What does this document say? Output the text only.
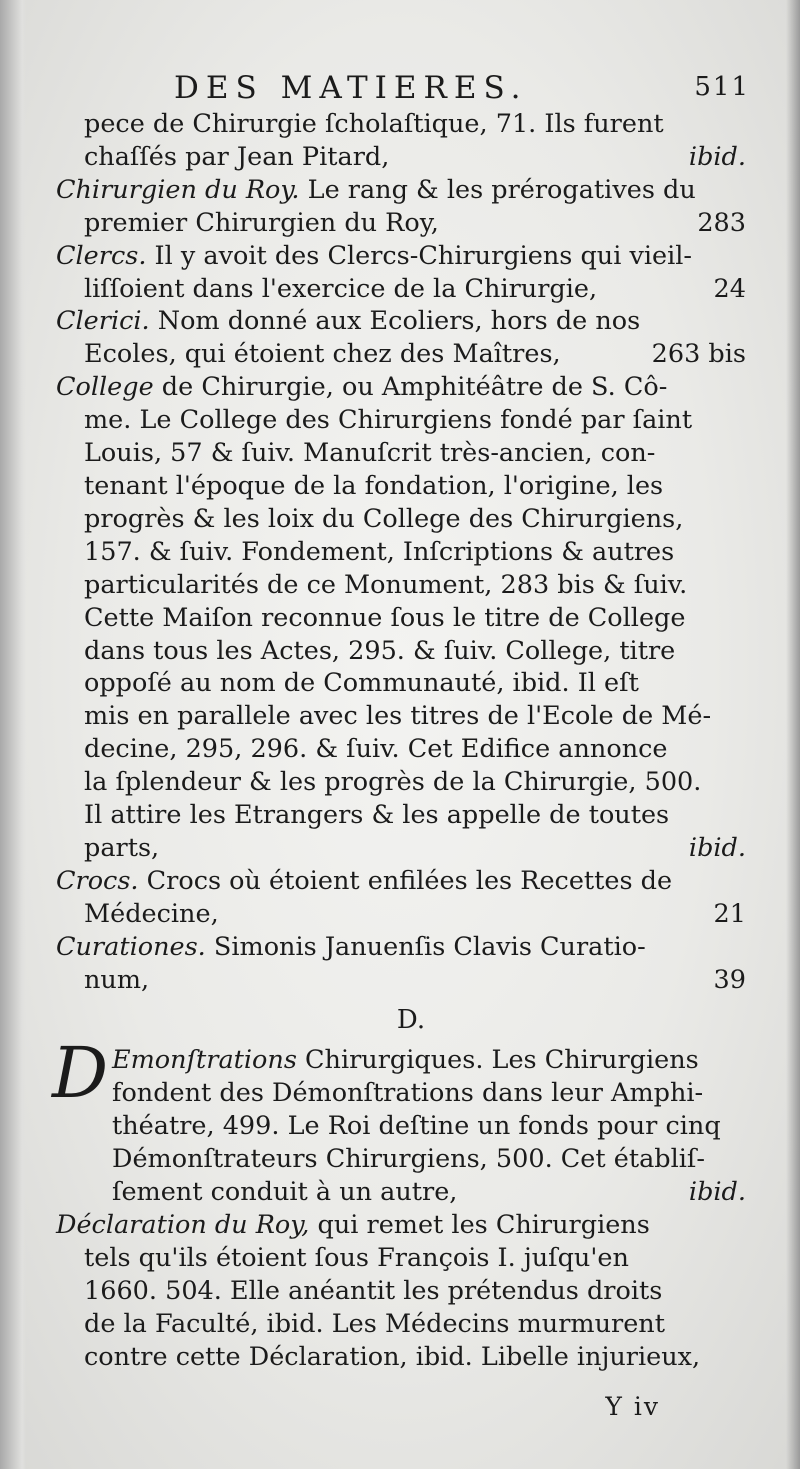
DES MATIERES.	511
pece de Chirurgie ſcholaſtique, 71. Ils furent
chaſſés par Jean Pitard,	ibid.
Chirurgien du Roy. Le rang & les prérogatives du
premier Chirurgien du Roy,	283
Clercs. Il y avoit des Clercs-Chirurgiens qui vieil-
liſſoient dans l'exercice de la Chirurgie,	24
Clerici. Nom donné aux Ecoliers, hors de nos
Ecoles, qui étoient chez des Maîtres,	263 bis
College de Chirurgie, ou Amphitéâtre de S. Cô-
me. Le College des Chirurgiens fondé par ſaint
Louis, 57 & ſuiv. Manuſcrit très-ancien, con-
tenant l'époque de la fondation, l'origine, les
progrès & les loix du College des Chirurgiens,
157. & ſuiv. Fondement, Inſcriptions & autres
particularités de ce Monument, 283 bis & ſuiv.
Cette Maiſon reconnue ſous le titre de College
dans tous les Actes, 295. & ſuiv. College, titre
oppoſé au nom de Communauté, ibid. Il eſt
mis en parallele avec les titres de l'Ecole de Mé-
decine, 295, 296. & ſuiv. Cet Edifice annonce
la ſplendeur & les progrès de la Chirurgie, 500.
Il attire les Etrangers & les appelle de toutes
parts,	ibid.
Crocs. Crocs où étoient enfilées les Recettes de
Médecine,	21
Curationes. Simonis Januenſis Clavis Curatio-
num,	39
D.
D Emonſtrations Chirurgiques. Les Chirurgiens
fondent des Démonſtrations dans leur Amphi-
théatre, 499. Le Roi deſtine un fonds pour cinq
Démonſtrateurs Chirurgiens, 500. Cet établiſ-
ſement conduit à un autre,	ibid.
Déclaration du Roy, qui remet les Chirurgiens
tels qu'ils étoient ſous François I. juſqu'en
1660. 504. Elle anéantit les prétendus droits
de la Faculté, ibid. Les Médecins murmurent
contre cette Déclaration, ibid. Libelle injurieux,
Y iv
